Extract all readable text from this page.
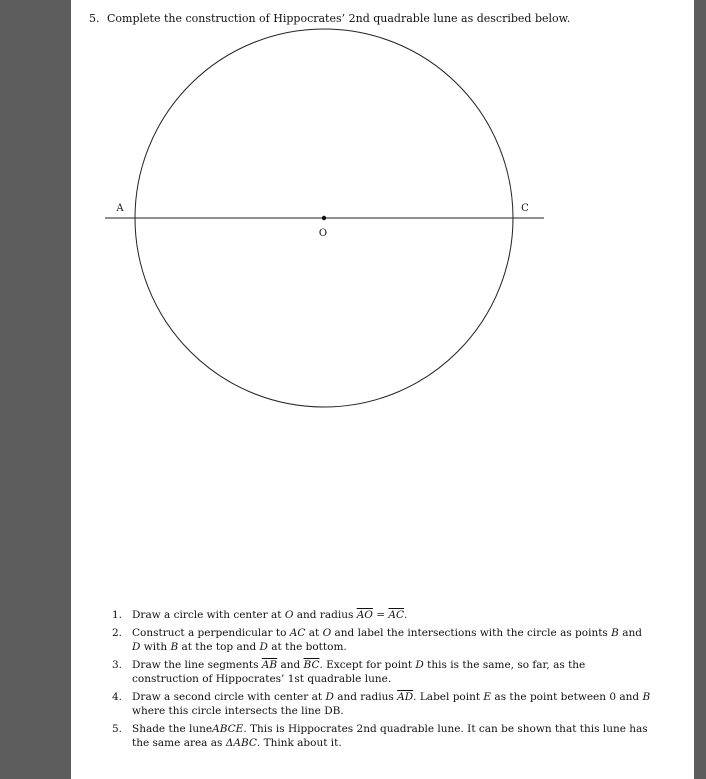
5. Complete the construction of Hippocrates’ 2nd quadrable lune as described below.
A	C
O
1. Draw a circle with center at O and radius $\overline{AO} = \overline{AC}$.
2. Construct a perpendicular to AC at O and label the intersections with the circle as points B and D with B at the top and D at the bottom.
3. Draw the line segments $\overline{AB}$ and $\overline{BC}$. Except for point D this is the same, so far, as the construction of Hippocrates’ 1st quadrable lune.
4. Draw a second circle with center at D and radius $\overline{AD}$. Label point E as the point between 0 and B where this circle intersects the line DB.
5. Shade the luneABCE. This is Hippocrates 2nd quadrable lune. It can be shown that this lune has the same area as ΔABC. Think about it.
